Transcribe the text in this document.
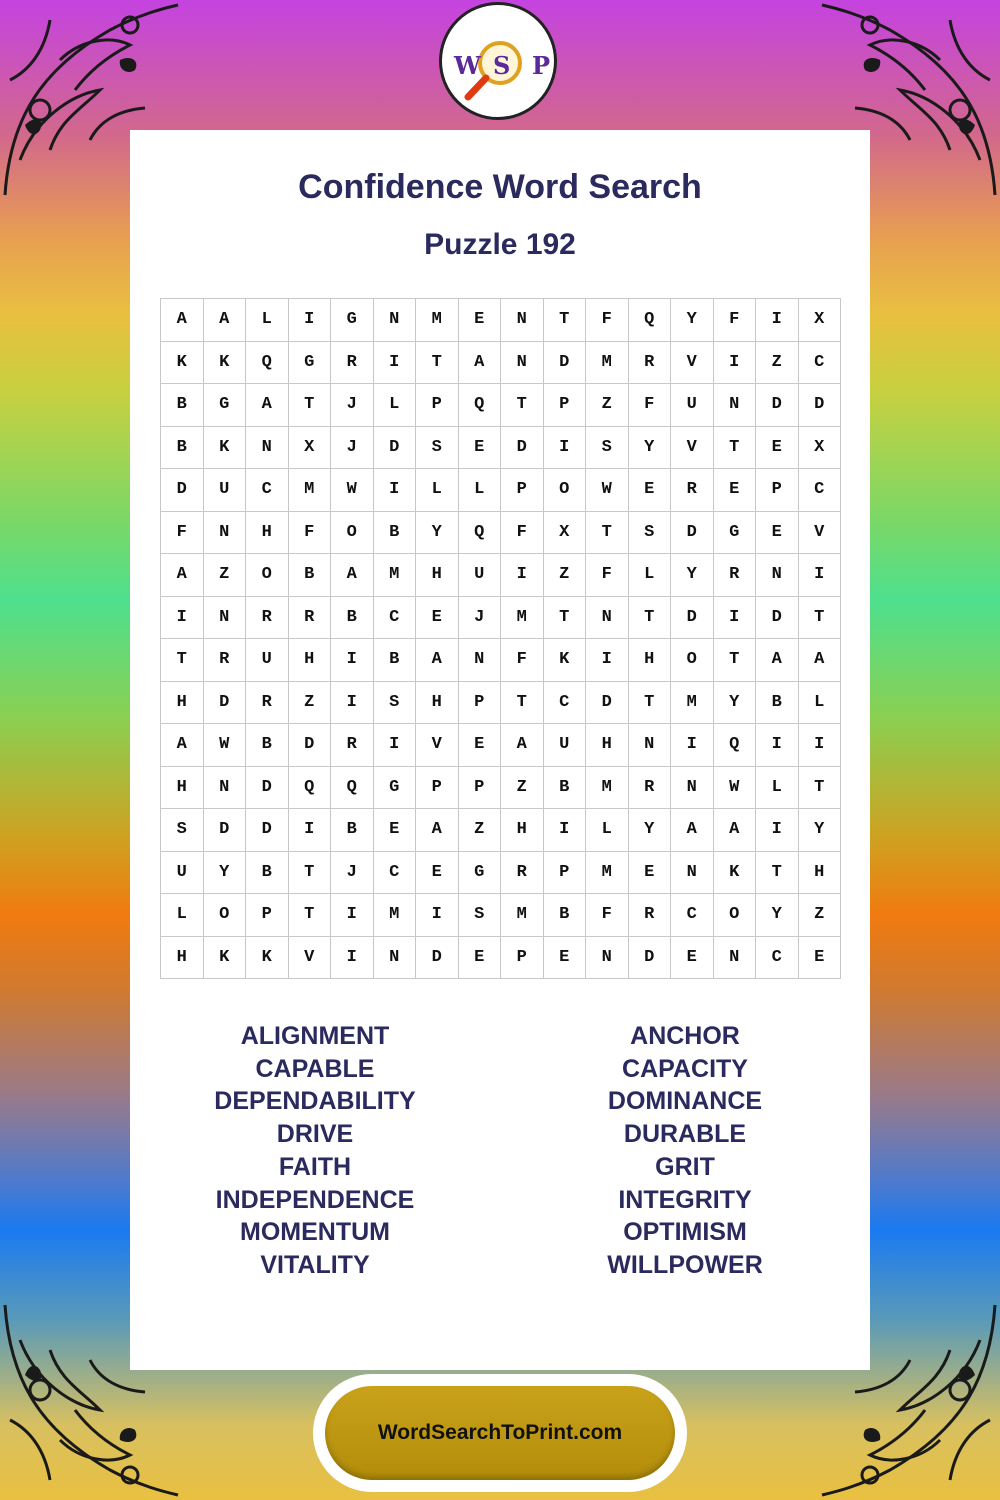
W S P
Confidence Word Search
Puzzle 192
A	A	L	I	G	N	M	E	N	T	F	Q	Y	F	I	X
K	K	Q	G	R	I	T	A	N	D	M	R	V	I	Z	C
B	G	A	T	J	L	P	Q	T	P	Z	F	U	N	D	D
B	K	N	X	J	D	S	E	D	I	S	Y	V	T	E	X
D	U	C	M	W	I	L	L	P	O	W	E	R	E	P	C
F	N	H	F	O	B	Y	Q	F	X	T	S	D	G	E	V
A	Z	O	B	A	M	H	U	I	Z	F	L	Y	R	N	I
I	N	R	R	B	C	E	J	M	T	N	T	D	I	D	T
T	R	U	H	I	B	A	N	F	K	I	H	O	T	A	A
H	D	R	Z	I	S	H	P	T	C	D	T	M	Y	B	L
A	W	B	D	R	I	V	E	A	U	H	N	I	Q	I	I
H	N	D	Q	Q	G	P	P	Z	B	M	R	N	W	L	T
S	D	D	I	B	E	A	Z	H	I	L	Y	A	A	I	Y
U	Y	B	T	J	C	E	G	R	P	M	E	N	K	T	H
L	O	P	T	I	M	I	S	M	B	F	R	C	O	Y	Z
H	K	K	V	I	N	D	E	P	E	N	D	E	N	C	E
ALIGNMENT
CAPABLE
DEPENDABILITY
DRIVE
FAITH
INDEPENDENCE
MOMENTUM
VITALITY
ANCHOR
CAPACITY
DOMINANCE
DURABLE
GRIT
INTEGRITY
OPTIMISM
WILLPOWER
WordSearchToPrint.com
